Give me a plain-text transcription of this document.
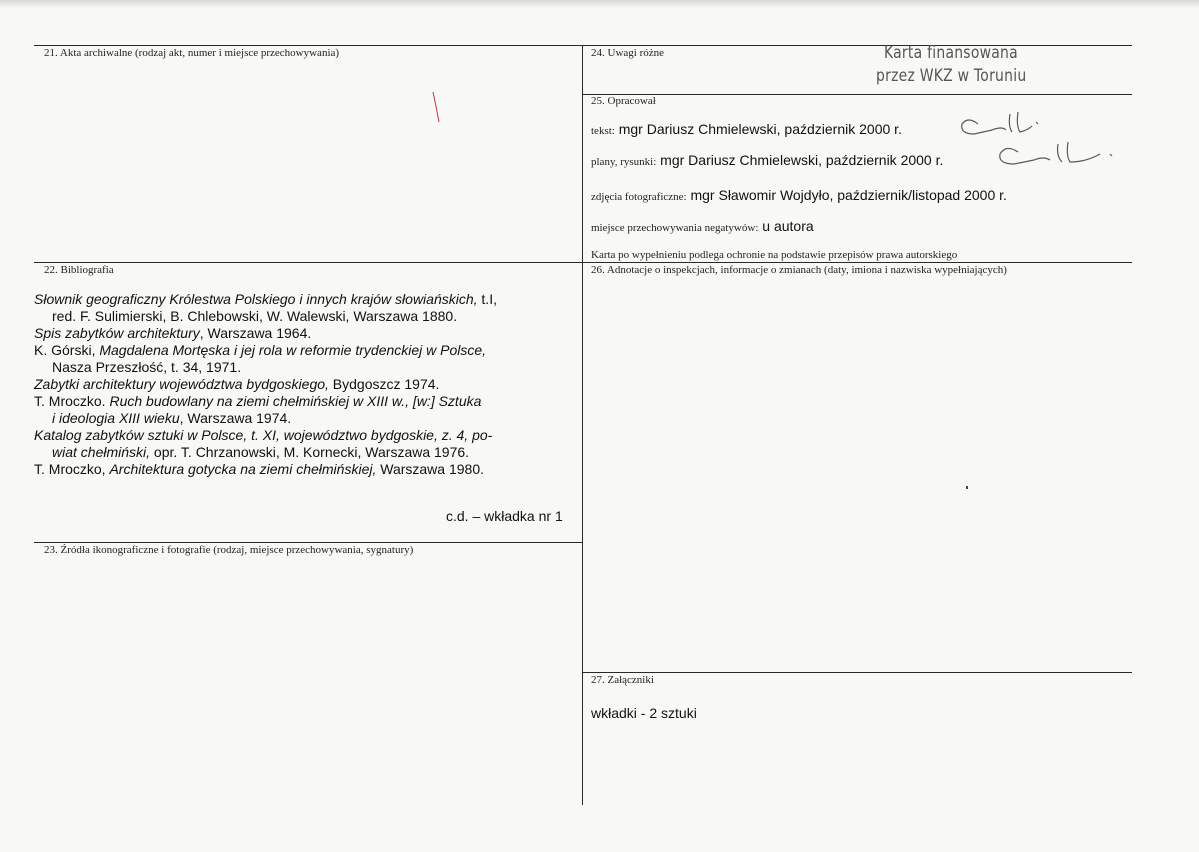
21. Akta archiwalne (rodzaj akt, numer i miejsce przechowywania)	24. Uwagi różne	Karta finansowana
przez WKZ w Toruniu
25. Opracował
tekst: mgr Dariusz Chmielewski, październik 2000 r.
plany, rysunki: mgr Dariusz Chmielewski, październik 2000 r.
zdjęcia fotograficzne: mgr Sławomir Wojdyło, październik/listopad 2000 r.
miejsce przechowywania negatywów: u autora
Karta po wypełnieniu podlega ochronie na podstawie przepisów prawa autorskiego
22. Bibliografia
Słownik geograficzny Królestwa Polskiego i innych krajów słowiańskich, t.I,
red. F. Sulimierski, B. Chlebowski, W. Walewski, Warszawa 1880.
Spis zabytków architektury, Warszawa 1964.
K. Górski, Magdalena Mortęska i jej rola w reformie trydenckiej w Polsce,
Nasza Przeszłość, t. 34, 1971.
Zabytki architektury województwa bydgoskiego, Bydgoszcz 1974.
T. Mroczko. Ruch budowlany na ziemi chełmińskiej w XIII w., [w:] Sztuka
i ideologia XIII wieku, Warszawa 1974.
Katalog zabytków sztuki w Polsce, t. XI, województwo bydgoskie, z. 4, po-
wiat chełmiński, opr. T. Chrzanowski, M. Kornecki, Warszawa 1976.
T. Mroczko, Architektura gotycka na ziemi chełmińskiej, Warszawa 1980.
c.d. – wkładka nr 1
26. Adnotacje o inspekcjach, informacje o zmianach (daty, imiona i nazwiska wypełniających)
23. Źródła ikonograficzne i fotografie (rodzaj, miejsce przechowywania, sygnatury)
27. Załączniki
wkładki - 2 sztuki
